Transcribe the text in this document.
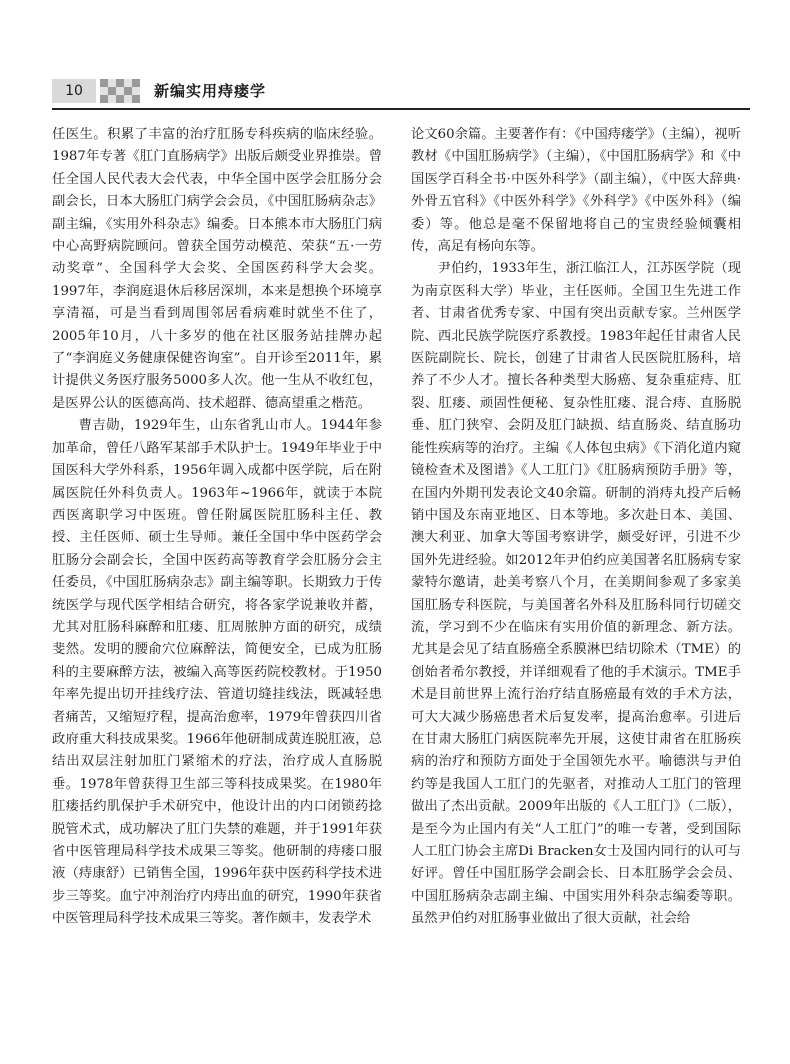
10	新编实用痔瘘学

任医生。积累了丰富的治疗肛肠专科疾病的临床经验。1987年专著《肛门直肠病学》出版后颇受业界推崇。曾任全国人民代表大会代表，中华全国中医学会肛肠分会副会长，日本大肠肛门病学会会员，《中国肛肠病杂志》副主编，《实用外科杂志》编委。日本熊本市大肠肛门病中心高野病院顾问。曾获全国劳动模范、荣获“五·一劳动奖章”、全国科学大会奖、全国医药科学大会奖。1997年，李润庭退休后移居深圳，本来是想换个环境享享清福，可是当看到周围邻居看病难时就坐不住了，2005年10月，八十多岁的他在社区服务站挂牌办起了“李润庭义务健康保健咨询室”。自开诊至2011年，累计提供义务医疗服务5000多人次。他一生从不收红包，是医界公认的医德高尚、技术超群、德高望重之楷范。

曹吉勋，1929年生，山东省乳山市人。1944年参加革命，曾任八路军某部手术队护士。1949年毕业于中国医科大学外科系，1956年调入成都中医学院，后在附属医院任外科负责人。1963年~1966年，就读于本院西医离职学习中医班。曾任附属医院肛肠科主任、教授、主任医师、硕士生导师。兼任全国中华中医药学会肛肠分会副会长，全国中医药高等教育学会肛肠分会主任委员，《中国肛肠病杂志》副主编等职。长期致力于传统医学与现代医学相结合研究，将各家学说兼收并蓄，尤其对肛肠科麻醉和肛瘘、肛周脓肿方面的研究，成绩斐然。发明的腰俞穴位麻醉法，简便安全，已成为肛肠科的主要麻醉方法，被编入高等医药院校教材。于1950年率先提出切开挂线疗法、管道切缝挂线法，既减轻患者痛苦，又缩短疗程，提高治愈率，1979年曾获四川省政府重大科技成果奖。1966年他研制成黄连脱肛液，总结出双层注射加肛门紧缩术的疗法，治疗成人直肠脱垂。1978年曾获得卫生部三等科技成果奖。在1980年肛瘘括约肌保护手术研究中，他设计出的内口闭锁药捻脱管术式，成功解决了肛门失禁的难题，并于1991年获省中医管理局科学技术成果三等奖。他研制的痔瘘口服液（痔康舒）已销售全国，1996年获中医药科学技术进步三等奖。血宁冲剂治疗内痔出血的研究，1990年获省中医管理局科学技术成果三等奖。著作颇丰，发表学术

论文60余篇。主要著作有：《中国痔瘘学》（主编），视听教材《中国肛肠病学》（主编），《中国肛肠病学》和《中国医学百科全书·中医外科学》（副主编），《中医大辞典·外骨五官科》《中医外科学》《外科学》《中医外科》（编委）等。他总是毫不保留地将自己的宝贵经验倾囊相传，高足有杨向东等。

尹伯约，1933年生，浙江临江人，江苏医学院（现为南京医科大学）毕业，主任医师。全国卫生先进工作者、甘肃省优秀专家、中国有突出贡献专家。兰州医学院、西北民族学院医疗系教授。1983年起任甘肃省人民医院副院长、院长，创建了甘肃省人民医院肛肠科，培养了不少人才。擅长各种类型大肠癌、复杂重症痔、肛裂、肛瘘、顽固性便秘、复杂性肛瘘、混合痔、直肠脱垂、肛门狭窄、会阴及肛门缺损、结直肠炎、结直肠功能性疾病等的治疗。主编《人体包虫病》《下消化道内窥镜检查术及图谱》《人工肛门》《肛肠病预防手册》等，在国内外期刊发表论文40余篇。研制的消痔丸投产后畅销中国及东南亚地区、日本等地。多次赴日本、美国、澳大利亚、加拿大等国考察讲学，颇受好评，引进不少国外先进经验。如2012年尹伯约应美国著名肛肠病专家蒙特尔邀请，赴美考察八个月，在美期间参观了多家美国肛肠专科医院，与美国著名外科及肛肠科同行切磋交流，学习到不少在临床有实用价值的新理念、新方法。尤其是会见了结直肠癌全系膜淋巴结切除术（TME）的创始者希尔教授，并详细观看了他的手术演示。TME手术是目前世界上流行治疗结直肠癌最有效的手术方法，可大大减少肠癌患者术后复发率，提高治愈率。引进后在甘肃大肠肛门病医院率先开展，这使甘肃省在肛肠疾病的治疗和预防方面处于全国领先水平。喻德洪与尹伯约等是我国人工肛门的先驱者，对推动人工肛门的管理做出了杰出贡献。2009年出版的《人工肛门》（二版），是至今为止国内有关“人工肛门”的唯一专著，受到国际人工肛门协会主席Di Bracken女士及国内同行的认可与好评。曾任中国肛肠学会副会长、日本肛肠学会会员、中国肛肠病杂志副主编、中国实用外科杂志编委等职。虽然尹伯约对肛肠事业做出了很大贡献，社会给
